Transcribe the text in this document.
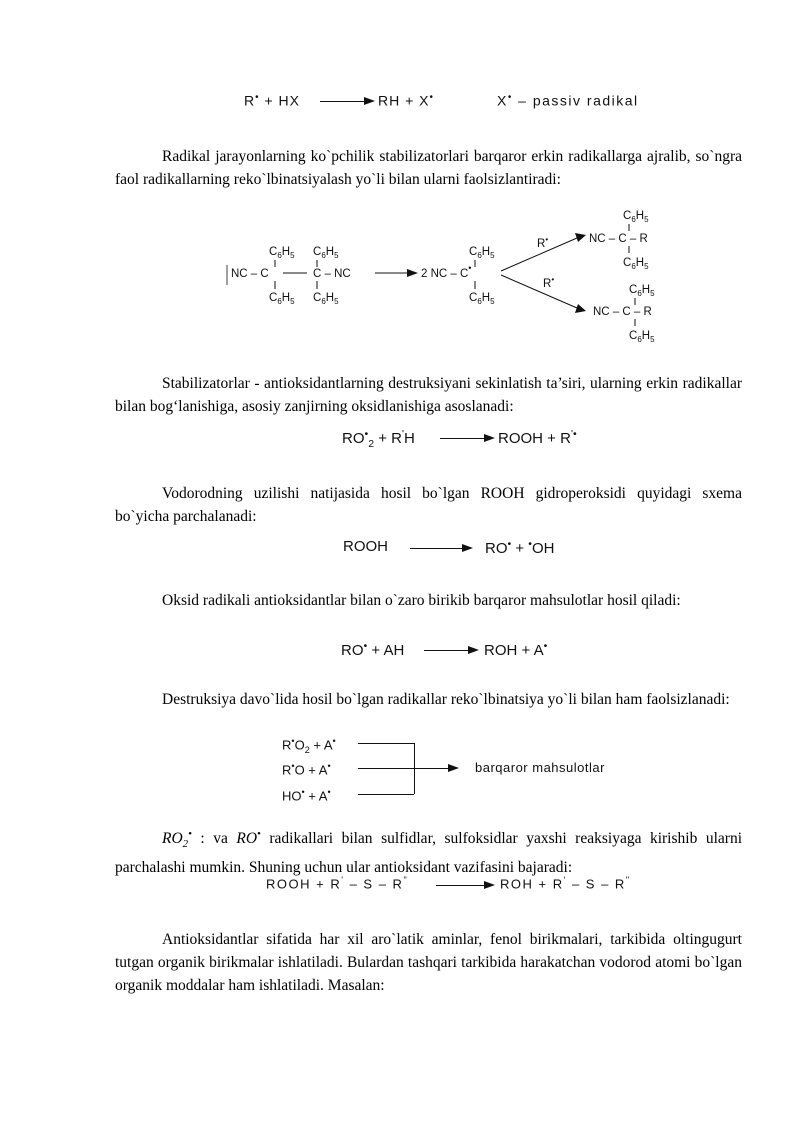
R• + HX	RH + X•	X• – passiv radikal

Radikal jarayonlarning ko`pchilik stabilizatorlari barqaror erkin radikallarga ajralib, so`ngra faol radikallarning reko`lbinatsiyalash yo`li bilan ularni faolsizlantiradi:

$C_6H_5$ $C_6H_5$
NC – C	C – NC
$C_6H_5$ $C_6H_5$
$C_6H_5$
2 NC – C•
$C_6H_5$
R•
R•
$C_6H_5$
NC – C – R
$C_6H_5$
$C_6H_5$
NC – C – R
$C_6H_5$

Stabilizatorlar - antioksidantlarning destruksiyani sekinlatish ta’siri, ularning erkin radikallar bilan bog‘lanishiga, asosiy zanjirning oksidlanishiga asoslanadi:

$RO^•_2 + R'H$	ROOH + R'•

Vodorodning uzilishi natijasida hosil bo`lgan ROOH gidroperoksidi quyidagi sxema bo`yicha parchalanadi:

ROOH	RO• + •OH

Oksid radikali antioksidantlar bilan o`zaro birikib barqaror mahsulotlar hosil qiladi:

RO• + AH	ROH + A•

Destruksiya davo`lida hosil bo`lgan radikallar reko`lbinatsiya yo`li bilan ham faolsizlanadi:

$R^•O_2 + A^•$
R•O + A•
HO• + A•
barqaror mahsulotlar

$RO_2^•$ : va RO• radikallari bilan sulfidlar, sulfoksidlar yaxshi reaksiyaga kirishib ularni parchalashi mumkin. Shuning uchun ular antioksidant vazifasini bajaradi:

ROOH + R' – S – R"	ROH + R' – S – R"

Antioksidantlar sifatida har xil aro`latik aminlar, fenol birikmalari, tarkibida oltingugurt tutgan organik birikmalar ishlatiladi. Bulardan tashqari tarkibida harakatchan vodorod atomi bo`lgan organik moddalar ham ishlatiladi. Masalan:
